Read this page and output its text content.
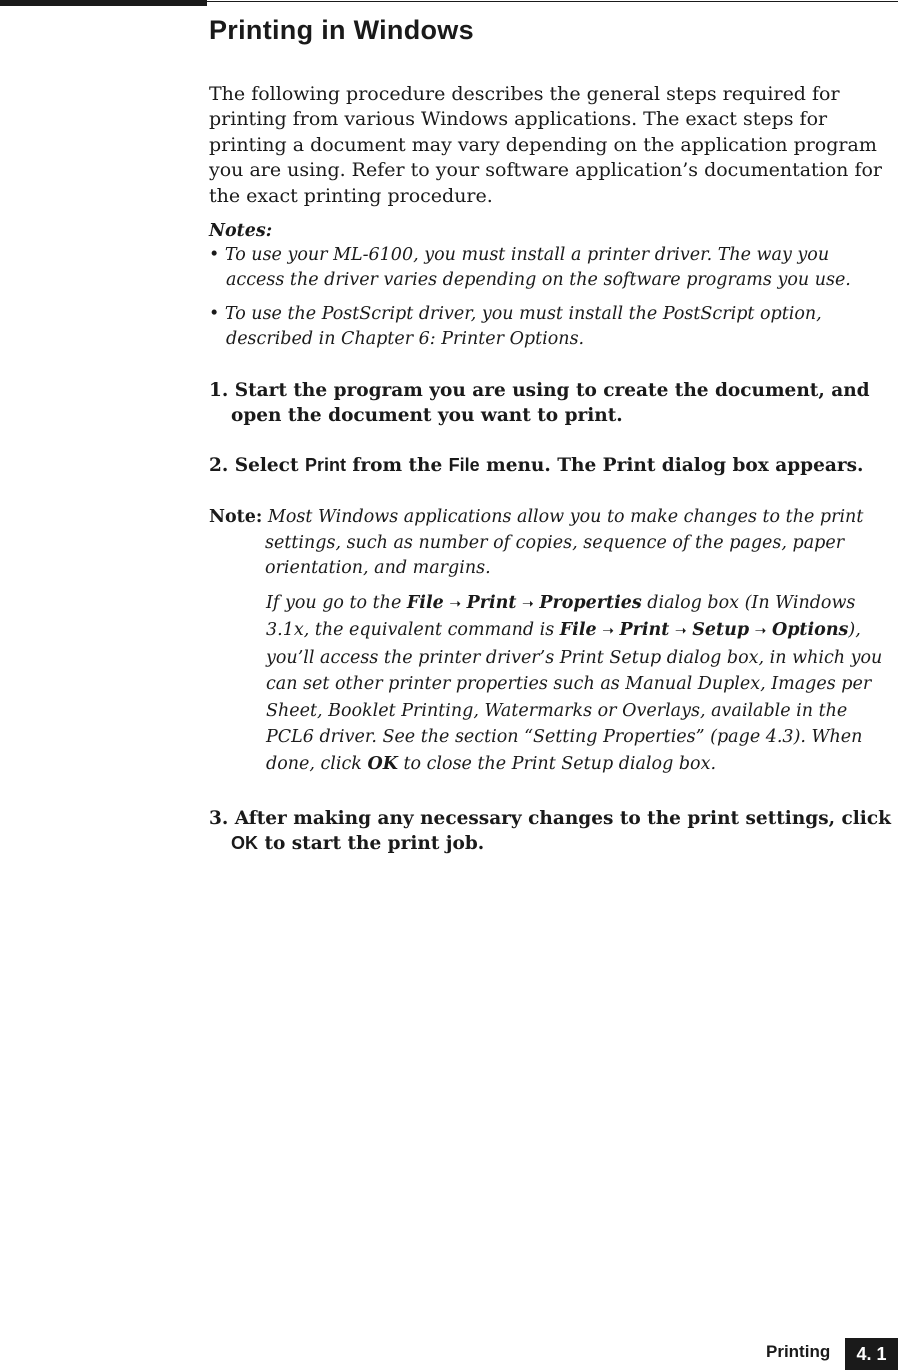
Printing in Windows

The following procedure describes the general steps required for printing from various Windows applications. The exact steps for printing a document may vary depending on the application program you are using. Refer to your software application’s documentation for the exact printing procedure.

Notes:

• To use your ML-6100, you must install a printer driver. The way you access the driver varies depending on the software programs you use.

• To use the PostScript driver, you must install the PostScript option, described in Chapter 6: Printer Options.

1. Start the program you are using to create the document, and open the document you want to print.

2. Select Print from the File menu. The Print dialog box appears.

Note: Most Windows applications allow you to make changes to the print settings, such as number of copies, sequence of the pages, paper orientation, and margins.

If you go to the File ➝ Print ➝ Properties dialog box (In Windows 3.1x, the equivalent command is File ➝ Print ➝ Setup ➝ Options), you’ll access the printer driver’s Print Setup dialog box, in which you can set other printer properties such as Manual Duplex, Images per Sheet, Booklet Printing, Watermarks or Overlays, available in the PCL6 driver. See the section “Setting Properties” (page 4.3). When done, click OK to close the Print Setup dialog box.

3. After making any necessary changes to the print settings, click OK to start the print job.

Printing	4. 1
